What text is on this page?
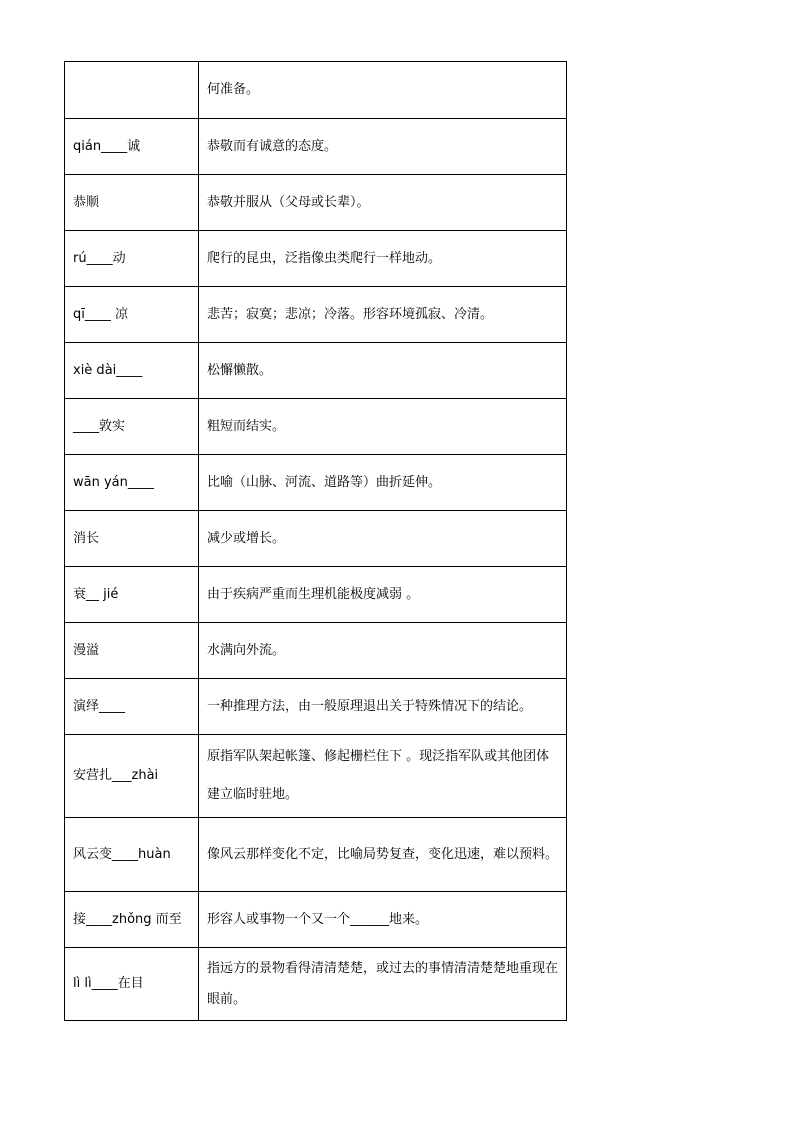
	何准备。
qián____诚	恭敬而有诚意的态度。
恭顺	恭敬并服从（父母或长辈）。
rú____动	爬行的昆虫，泛指像虫类爬行一样地动。
qī____ 凉	悲苦；寂寞；悲凉；冷落。形容环境孤寂、冷清。
xiè dài____	松懈懒散。
____敦实	粗短而结实。
wān yán____	比喻（山脉、河流、道路等）曲折延伸。
消长	减少或增长。
衰__ jié	由于疾病严重而生理机能极度减弱 。
漫溢	水满向外流。
演绎____	一种推理方法，由一般原理退出关于特殊情况下的结论。
安营扎___zhài	原指军队架起帐篷、修起栅栏住下 。现泛指军队或其他团体建立临时驻地。
风云变____huàn	像风云那样变化不定，比喻局势复查，变化迅速，难以预料。
接____zhǒng 而至	形容人或事物一个又一个______地来。
lì lì____在目	指远方的景物看得清清楚楚，或过去的事情清清楚楚地重现在眼前。
